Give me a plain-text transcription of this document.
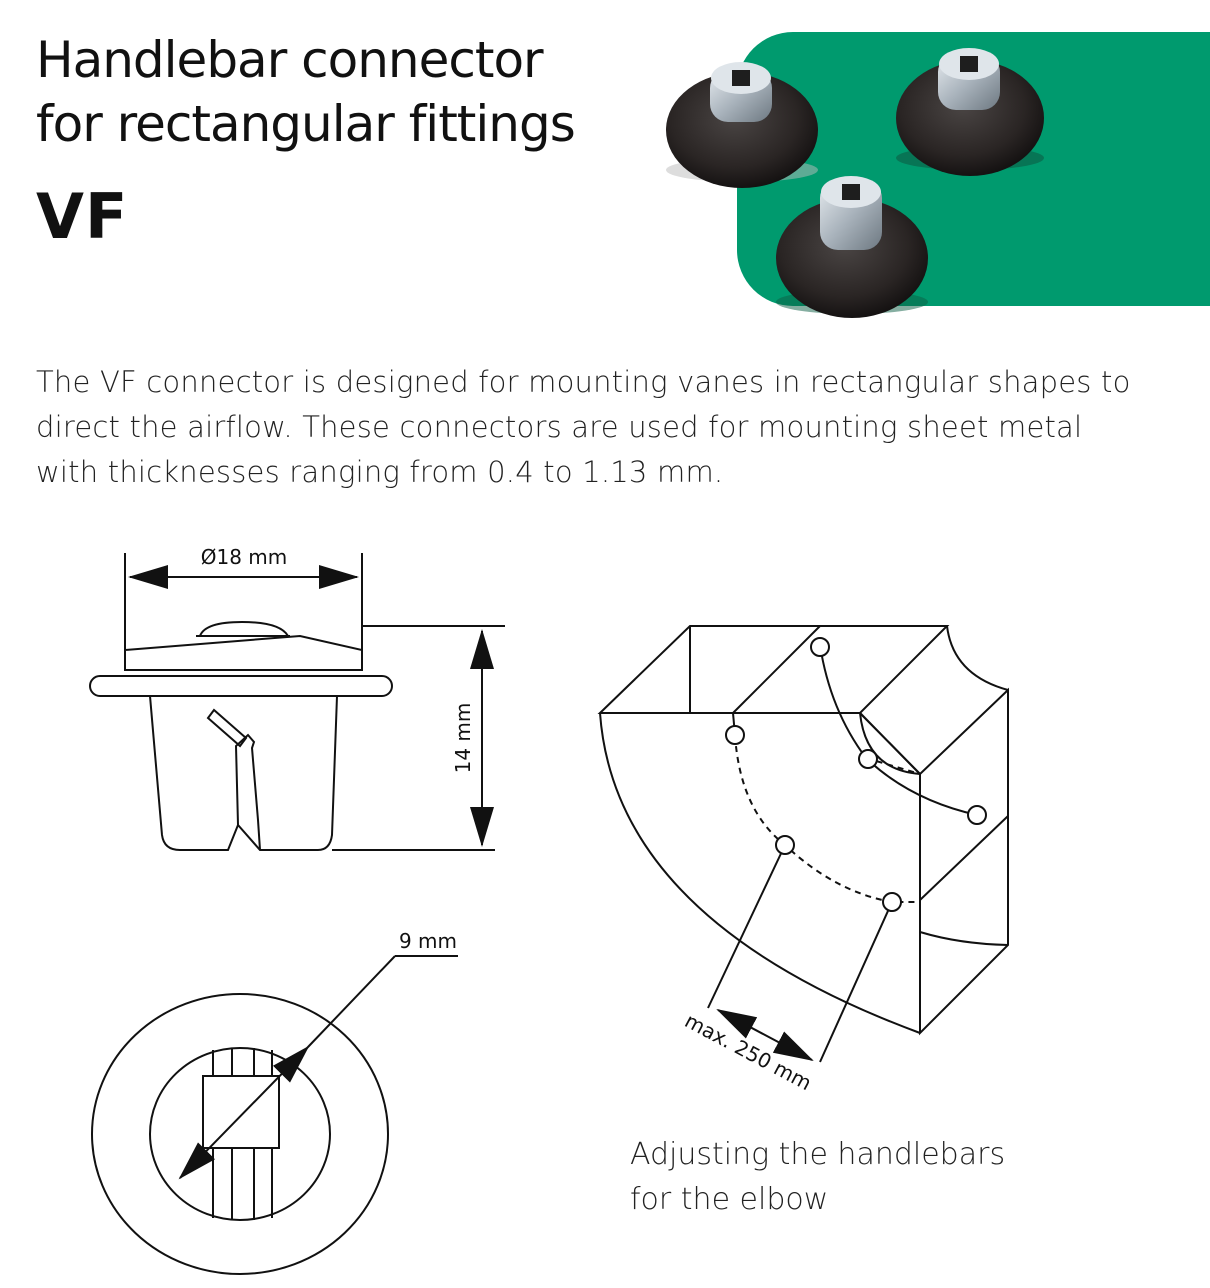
Handlebar connector
for rectangular fittings
VF
The VF connector is designed for mounting vanes in rectangular shapes to direct the airflow. These connectors are used for mounting sheet metal with thicknesses ranging from 0.4 to 1.13 mm.
Ø18 mm
14 mm
9 mm
max. 250 mm
Adjusting the handlebars
for the elbow
